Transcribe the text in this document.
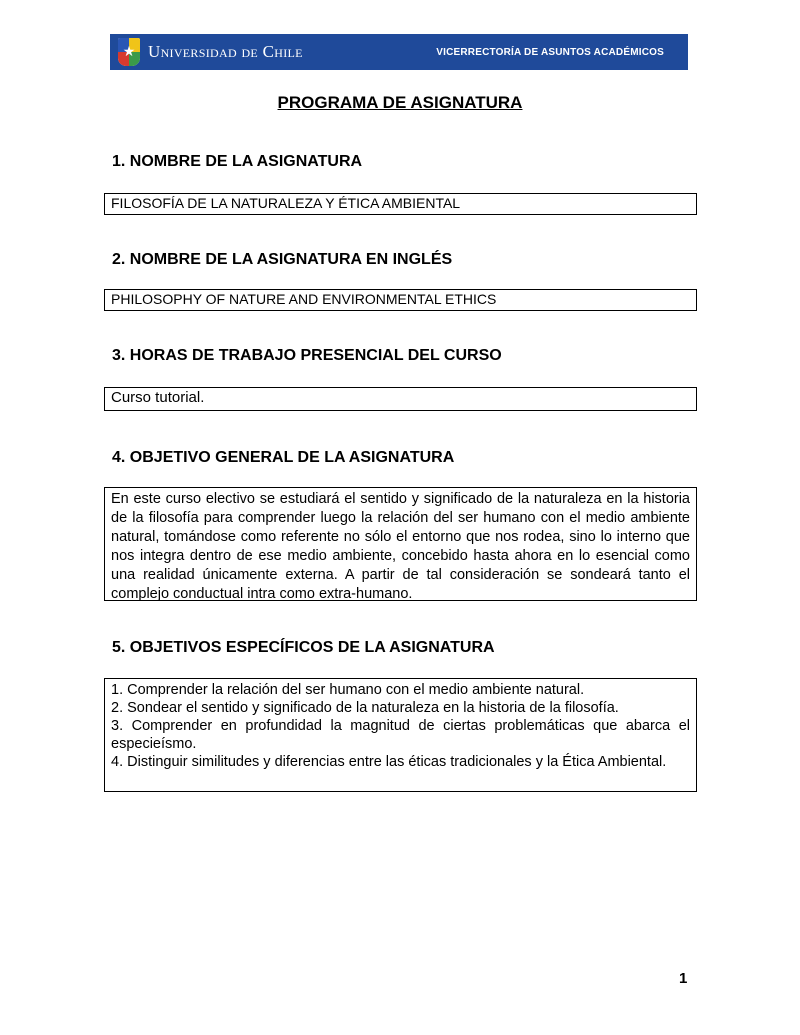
★ Universidad de Chile	VICERRECTORÍA DE ASUNTOS ACADÉMICOS
PROGRAMA DE ASIGNATURA
1. NOMBRE DE LA ASIGNATURA
FILOSOFÍA DE LA NATURALEZA Y ÉTICA AMBIENTAL
2. NOMBRE DE LA ASIGNATURA EN INGLÉS
PHILOSOPHY OF NATURE AND ENVIRONMENTAL ETHICS
3. HORAS DE TRABAJO PRESENCIAL DEL CURSO
Curso tutorial.
4. OBJETIVO GENERAL DE LA ASIGNATURA
En este curso electivo se estudiará el sentido y significado de la naturaleza en la historia de la filosofía para comprender luego la relación del ser humano con el medio ambiente natural, tomándose como referente no sólo el entorno que nos rodea, sino lo interno que nos integra dentro de ese medio ambiente, concebido hasta ahora en lo esencial como una realidad únicamente externa. A partir de tal consideración se sondeará tanto el complejo conductual intra como extra-humano.
5. OBJETIVOS ESPECÍFICOS DE LA ASIGNATURA
1. Comprender la relación del ser humano con el medio ambiente natural.
2. Sondear el sentido y significado de la naturaleza en la historia de la filosofía.
3. Comprender en profundidad la magnitud de ciertas problemáticas que abarca el especieísmo.
4. Distinguir similitudes y diferencias entre las éticas tradicionales y la Ética Ambiental.
1
